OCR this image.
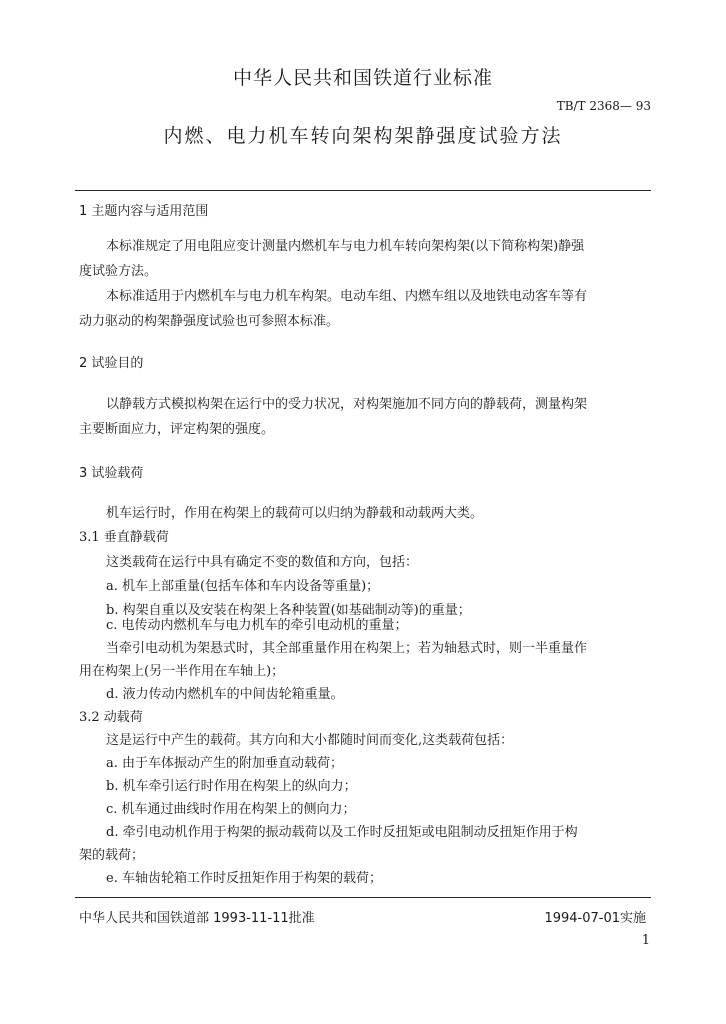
中华人民共和国铁道行业标准
TB/T 2368— 93
内燃、电力机车转向架构架静强度试验方法
1 主题内容与适用范围
本标准规定了用电阻应变计测量内燃机车与电力机车转向架构架(以下简称构架)静强
度试验方法。
本标准适用于内燃机车与电力机车构架。电动车组、内燃车组以及地铁电动客车等有
动力驱动的构架静强度试验也可参照本标准。
2 试验目的
以静载方式模拟构架在运行中的受力状况，对构架施加不同方向的静载荷，测量构架
主要断面应力，评定构架的强度。
3 试验载荷
机车运行时，作用在构架上的载荷可以归纳为静载和动载两大类。
3.1 垂直静载荷
这类载荷在运行中具有确定不变的数值和方向，包括：
a. 机车上部重量(包括车体和车内设备等重量)；
b. 构架自重以及安装在构架上各种装置(如基础制动等)的重量；
c. 电传动内燃机车与电力机车的牵引电动机的重量；
当牵引电动机为架悬式时，其全部重量作用在构架上；若为轴悬式时，则一半重量作
用在构架上(另一半作用在车轴上)；
d. 液力传动内燃机车的中间齿轮箱重量。
3.2 动载荷
这是运行中产生的载荷。其方向和大小都随时间而变化,这类载荷包括：
a. 由于车体振动产生的附加垂直动载荷；
b. 机车牵引运行时作用在构架上的纵向力；
c. 机车通过曲线时作用在构架上的侧向力；
d. 牵引电动机作用于构架的振动载荷以及工作时反扭矩或电阻制动反扭矩作用于构
架的载荷；
e. 车轴齿轮箱工作时反扭矩作用于构架的载荷；
中华人民共和国铁道部 1993-11-11批准	1994-07-01实施
1
